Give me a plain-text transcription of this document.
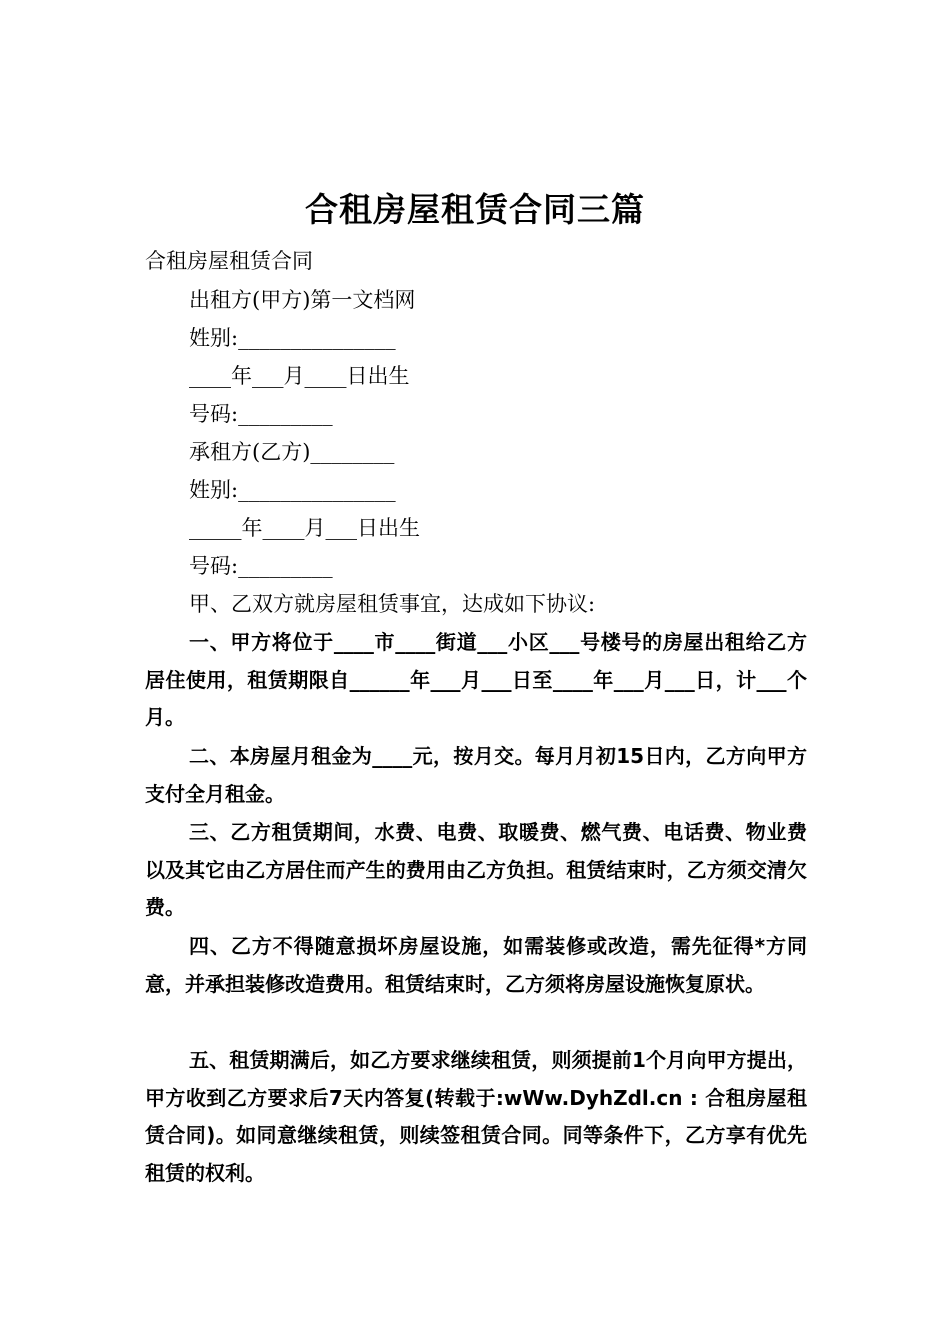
合租房屋租赁合同三篇
合租房屋租赁合同
出租方(甲方)第一文档网
姓别:_______________
____年___月____日出生
号码:_________
承租方(乙方)________
姓别:_______________
_____年____月___日出生
号码:_________
甲、乙双方就房屋租赁事宜，达成如下协议:
一、甲方将位于____市____街道___小区___号楼号的房屋出租给乙方居住使用，租赁期限自______年___月___日至____年___月___日，计___个月。
二、本房屋月租金为____元，按月交。每月月初15日内，乙方向甲方支付全月租金。
三、乙方租赁期间，水费、电费、取暖费、燃气费、电话费、物业费以及其它由乙方居住而产生的费用由乙方负担。租赁结束时，乙方须交清欠费。
四、乙方不得随意损坏房屋设施，如需装修或改造，需先征得*方同意，并承担装修改造费用。租赁结束时，乙方须将房屋设施恢复原状。
五、租赁期满后，如乙方要求继续租赁，则须提前1个月向甲方提出，甲方收到乙方要求后7天内答复(转载于:wWw.DyhZdl.cn : 合租房屋租赁合同)。如同意继续租赁，则续签租赁合同。同等条件下，乙方享有优先租赁的权利。
